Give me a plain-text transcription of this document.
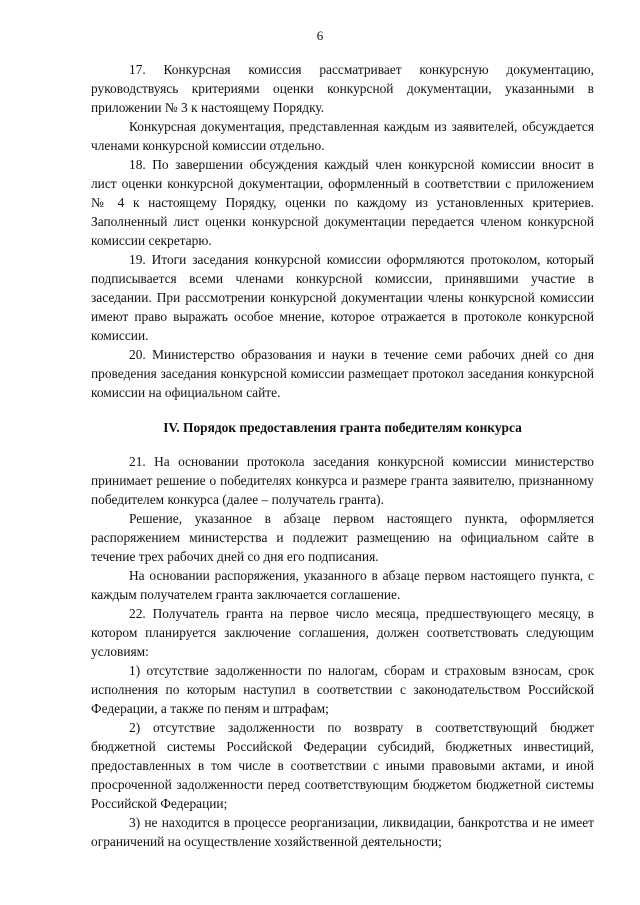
6

17. Конкурсная комиссия рассматривает конкурсную документацию, руководствуясь критериями оценки конкурсной документации, указанными в приложении № 3 к настоящему Порядку.

Конкурсная документация, представленная каждым из заявителей, обсуждается членами конкурсной комиссии отдельно.

18. По завершении обсуждения каждый член конкурсной комиссии вносит в лист оценки конкурсной документации, оформленный в соответствии с приложением № 4 к настоящему Порядку, оценки по каждому из установленных критериев. Заполненный лист оценки конкурсной документации передается членом конкурсной комиссии секретарю.

19. Итоги заседания конкурсной комиссии оформляются протоколом, который подписывается всеми членами конкурсной комиссии, принявшими участие в заседании. При рассмотрении конкурсной документации члены конкурсной комиссии имеют право выражать особое мнение, которое отражается в протоколе конкурсной комиссии.

20. Министерство образования и науки в течение семи рабочих дней со дня проведения заседания конкурсной комиссии размещает протокол заседания конкурсной комиссии на официальном сайте.

IV. Порядок предоставления гранта победителям конкурса

21. На основании протокола заседания конкурсной комиссии министерство принимает решение о победителях конкурса и размере гранта заявителю, признанному победителем конкурса (далее – получатель гранта).

Решение, указанное в абзаце первом настоящего пункта, оформляется распоряжением министерства и подлежит размещению на официальном сайте в течение трех рабочих дней со дня его подписания.

На основании распоряжения, указанного в абзаце первом настоящего пункта, с каждым получателем гранта заключается соглашение.

22. Получатель гранта на первое число месяца, предшествующего месяцу, в котором планируется заключение соглашения, должен соответствовать следующим условиям:

1) отсутствие задолженности по налогам, сборам и страховым взносам, срок исполнения по которым наступил в соответствии с законодательством Российской Федерации, а также по пеням и штрафам;

2) отсутствие задолженности по возврату в соответствующий бюджет бюджетной системы Российской Федерации субсидий, бюджетных инвестиций, предоставленных в том числе в соответствии с иными правовыми актами, и иной просроченной задолженности перед соответствующим бюджетом бюджетной системы Российской Федерации;

3) не находится в процессе реорганизации, ликвидации, банкротства и не имеет ограничений на осуществление хозяйственной деятельности;
